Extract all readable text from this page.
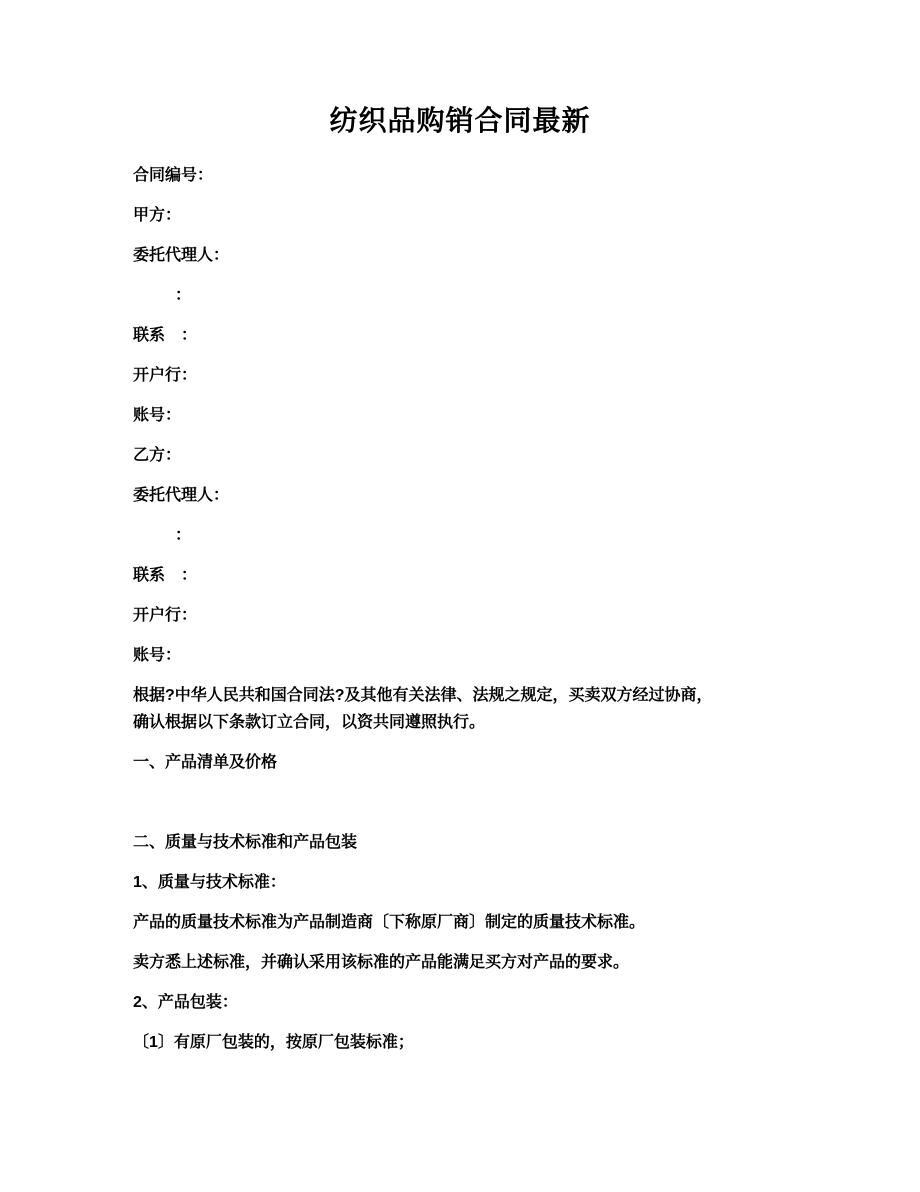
纺织品购销合同最新

合同编号：

甲方：

委托代理人：

：

联系　：

开户行：

账号：

乙方：

委托代理人：

：

联系　：

开户行：

账号：

根据?中华人民共和国合同法?及其他有关法律、法规之规定，买卖双方经过协商，确认根据以下条款订立合同，以资共同遵照执行。

一、产品清单及价格

二、质量与技术标准和产品包装

1、质量与技术标准：

产品的质量技术标准为产品制造商〔下称原厂商〕制定的质量技术标准。

卖方悉上述标准，并确认采用该标准的产品能满足买方对产品的要求。

2、产品包装：

〔1〕有原厂包装的，按原厂包装标准；
